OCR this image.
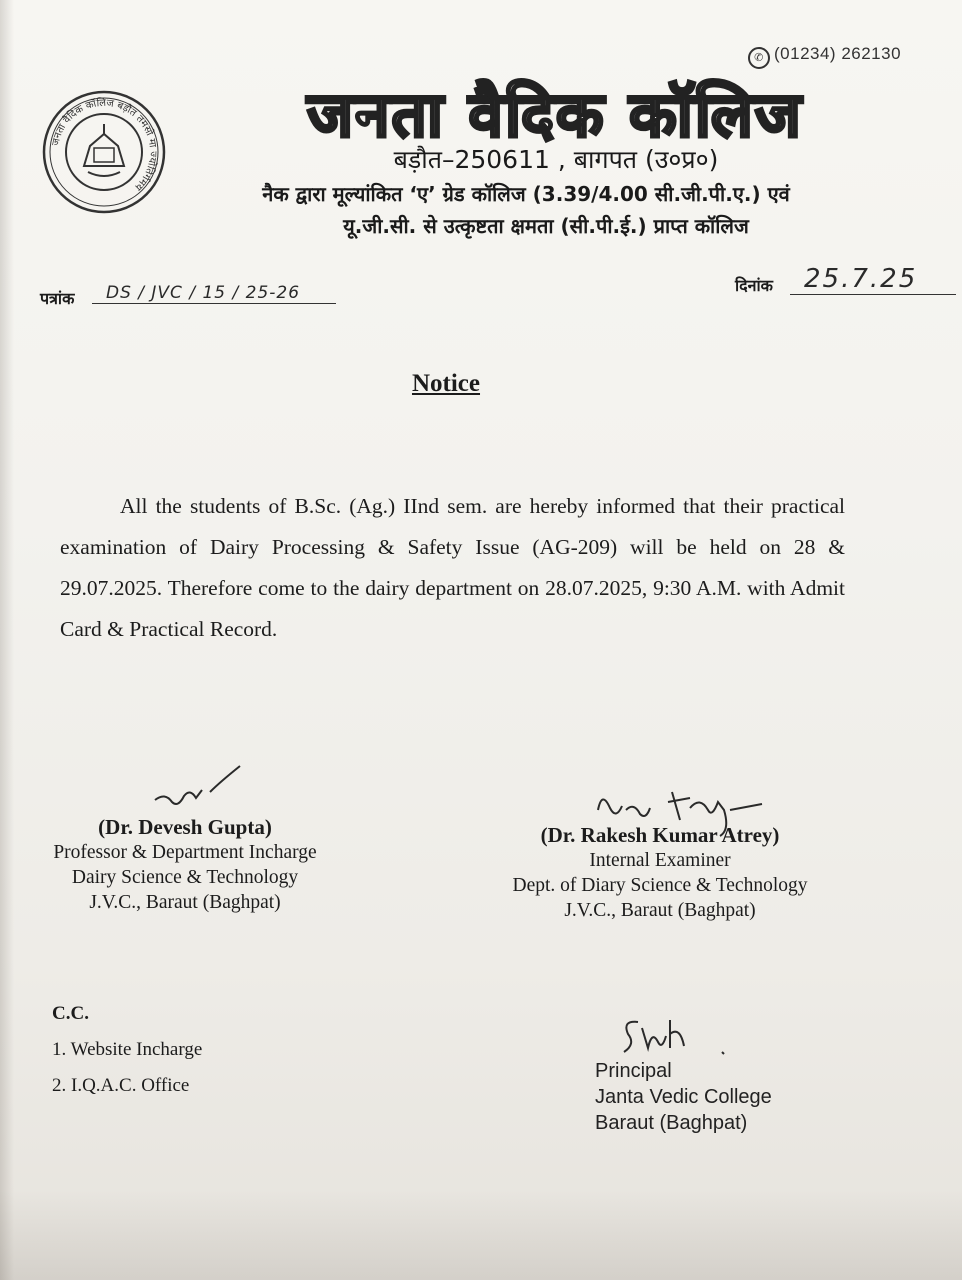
✆ (01234) 262130
जनता वैदिक कॉलिज बड़ौत तमसो मा ज्योतिर्गमय
जनता वैदिक कॉलिज
बड़ौत–250611 , बागपत (उ०प्र०)
नैक द्वारा मूल्यांकित ‘ए’ ग्रेड कॉलिज (3.39/4.00 सी.जी.पी.ए.) एवं
यू.जी.सी. से उत्कृष्टता क्षमता (सी.पी.ई.) प्राप्त कॉलिज
पत्रांक	DS / JVC / 15 / 25-26	दिनांक	25.7.25
Notice

All the students of B.Sc. (Ag.) IInd sem. are hereby informed that their practical examination of Dairy Processing & Safety Issue (AG-209) will be held on 28 & 29.07.2025. Therefore come to the dairy department on 28.07.2025, 9:30 A.M. with Admit Card & Practical Record.

(Dr. Devesh Gupta)
Professor & Department Incharge
Dairy Science & Technology
J.V.C., Baraut (Baghpat)
(Dr. Rakesh Kumar Atrey)
Internal Examiner
Dept. of Diary Science & Technology
J.V.C., Baraut (Baghpat)
C.C.
1. Website Incharge
2. I.Q.A.C. Office
Principal
Janta Vedic College
Baraut (Baghpat)
